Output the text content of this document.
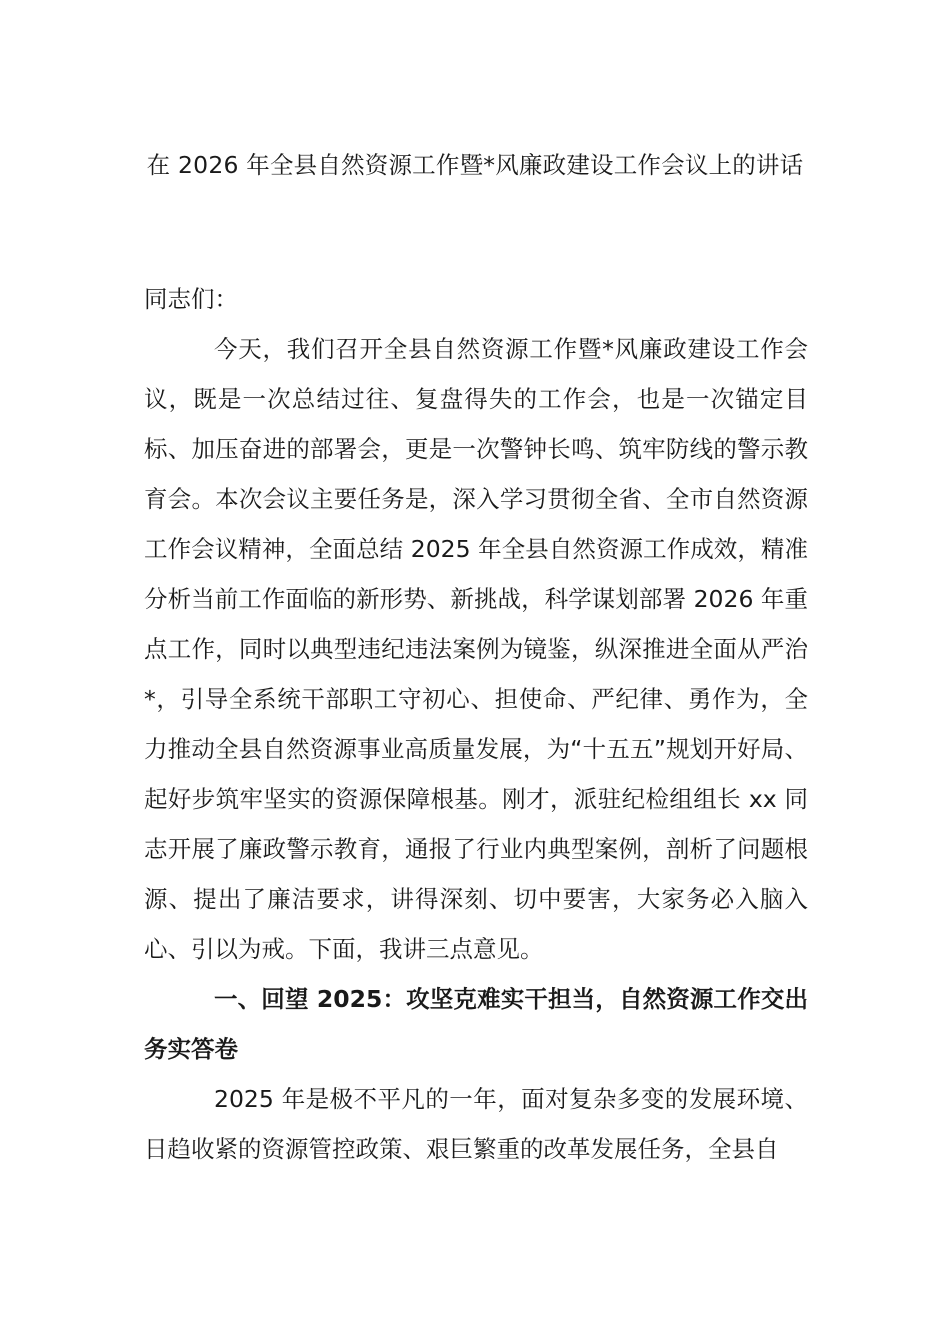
在 2026 年全县自然资源工作暨*风廉政建设工作会议上的讲话

同志们：

今天，我们召开全县自然资源工作暨*风廉政建设工作会议，既是一次总结过往、复盘得失的工作会，也是一次锚定目标、加压奋进的部署会，更是一次警钟长鸣、筑牢防线的警示教育会。本次会议主要任务是，深入学习贯彻全省、全市自然资源工作会议精神，全面总结 2025 年全县自然资源工作成效，精准分析当前工作面临的新形势、新挑战，科学谋划部署 2026 年重点工作，同时以典型违纪违法案例为镜鉴，纵深推进全面从严治*，引导全系统干部职工守初心、担使命、严纪律、勇作为，全力推动全县自然资源事业高质量发展，为“十五五”规划开好局、起好步筑牢坚实的资源保障根基。刚才，派驻纪检组组长 xx 同志开展了廉政警示教育，通报了行业内典型案例，剖析了问题根源、提出了廉洁要求，讲得深刻、切中要害，大家务必入脑入心、引以为戒。下面，我讲三点意见。

一、回望 2025：攻坚克难实干担当，自然资源工作交出务实答卷

2025 年是极不平凡的一年，面对复杂多变的发展环境、日趋收紧的资源管控政策、艰巨繁重的改革发展任务，全县自
